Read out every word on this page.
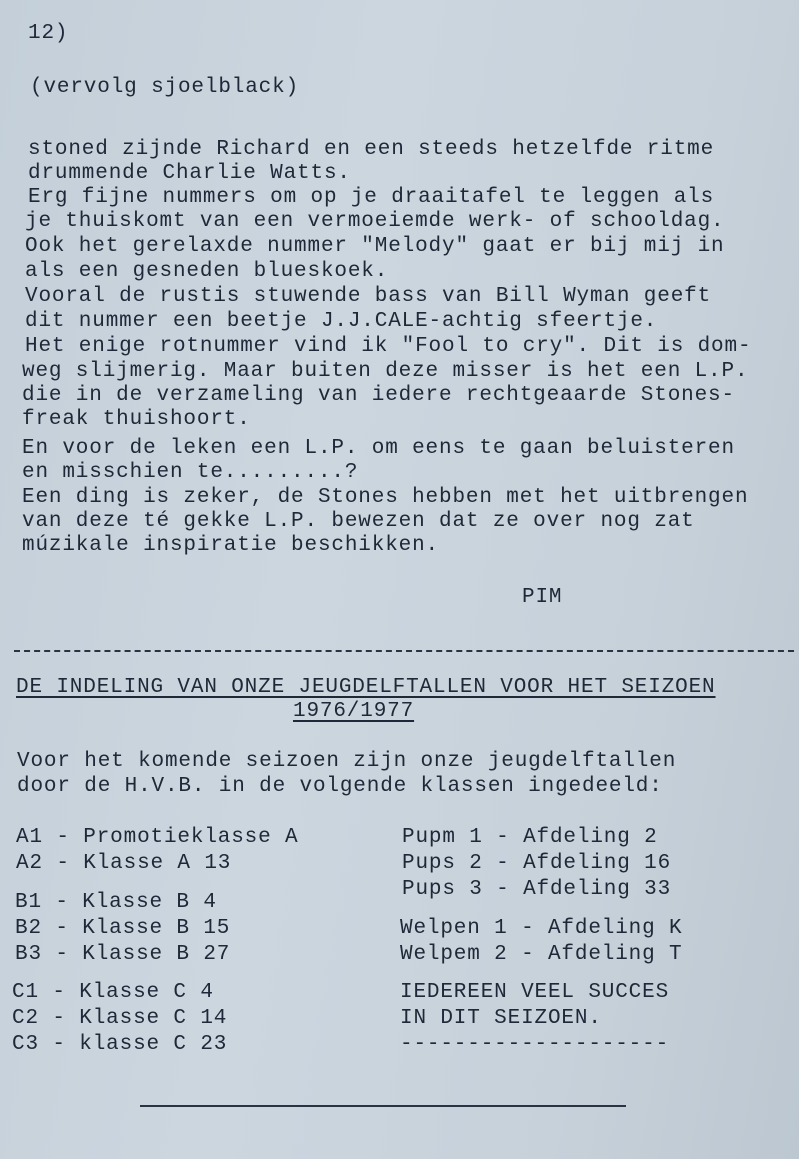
12)
(vervolg sjoelblack)
stoned zijnde Richard en een steeds hetzelfde ritme
drummende Charlie Watts.
Erg fijne nummers om op je draaitafel te leggen als
je thuiskomt van een vermoeiemde werk- of schooldag.
Ook het gerelaxde nummer "Melody" gaat er bij mij in
als een gesneden blueskoek.
Vooral de rustis stuwende bass van Bill Wyman geeft
dit nummer een beetje J.J.CALE-achtig sfeertje.
Het enige rotnummer vind ik "Fool to cry". Dit is dom-
weg slijmerig. Maar buiten deze misser is het een L.P.
die in de verzameling van iedere rechtgeaarde Stones-
freak thuishoort.
En voor de leken een L.P. om eens te gaan beluisteren
en misschien te.........?
Een ding is zeker, de Stones hebben met het uitbrengen
van deze té gekke L.P. bewezen dat ze over nog zat
múzikale inspiratie beschikken.
PIM
DE INDELING VAN ONZE JEUGDELFTALLEN VOOR HET SEIZOEN
1976/1977
Voor het komende seizoen zijn onze jeugdelftallen
door de H.V.B. in de volgende klassen ingedeeld:
A1 - Promotieklasse A
A2 - Klasse A 13
B1 - Klasse B 4
B2 - Klasse B 15
B3 - Klasse B 27
C1 - Klasse C 4
C2 - Klasse C 14
C3 - klasse C 23
Pupm 1 - Afdeling 2
Pups 2 - Afdeling 16
Pups 3 - Afdeling 33
Welpen 1 - Afdeling K
Welpem 2 - Afdeling T
IEDEREEN VEEL SUCCES
IN DIT SEIZOEN.
--------------------
